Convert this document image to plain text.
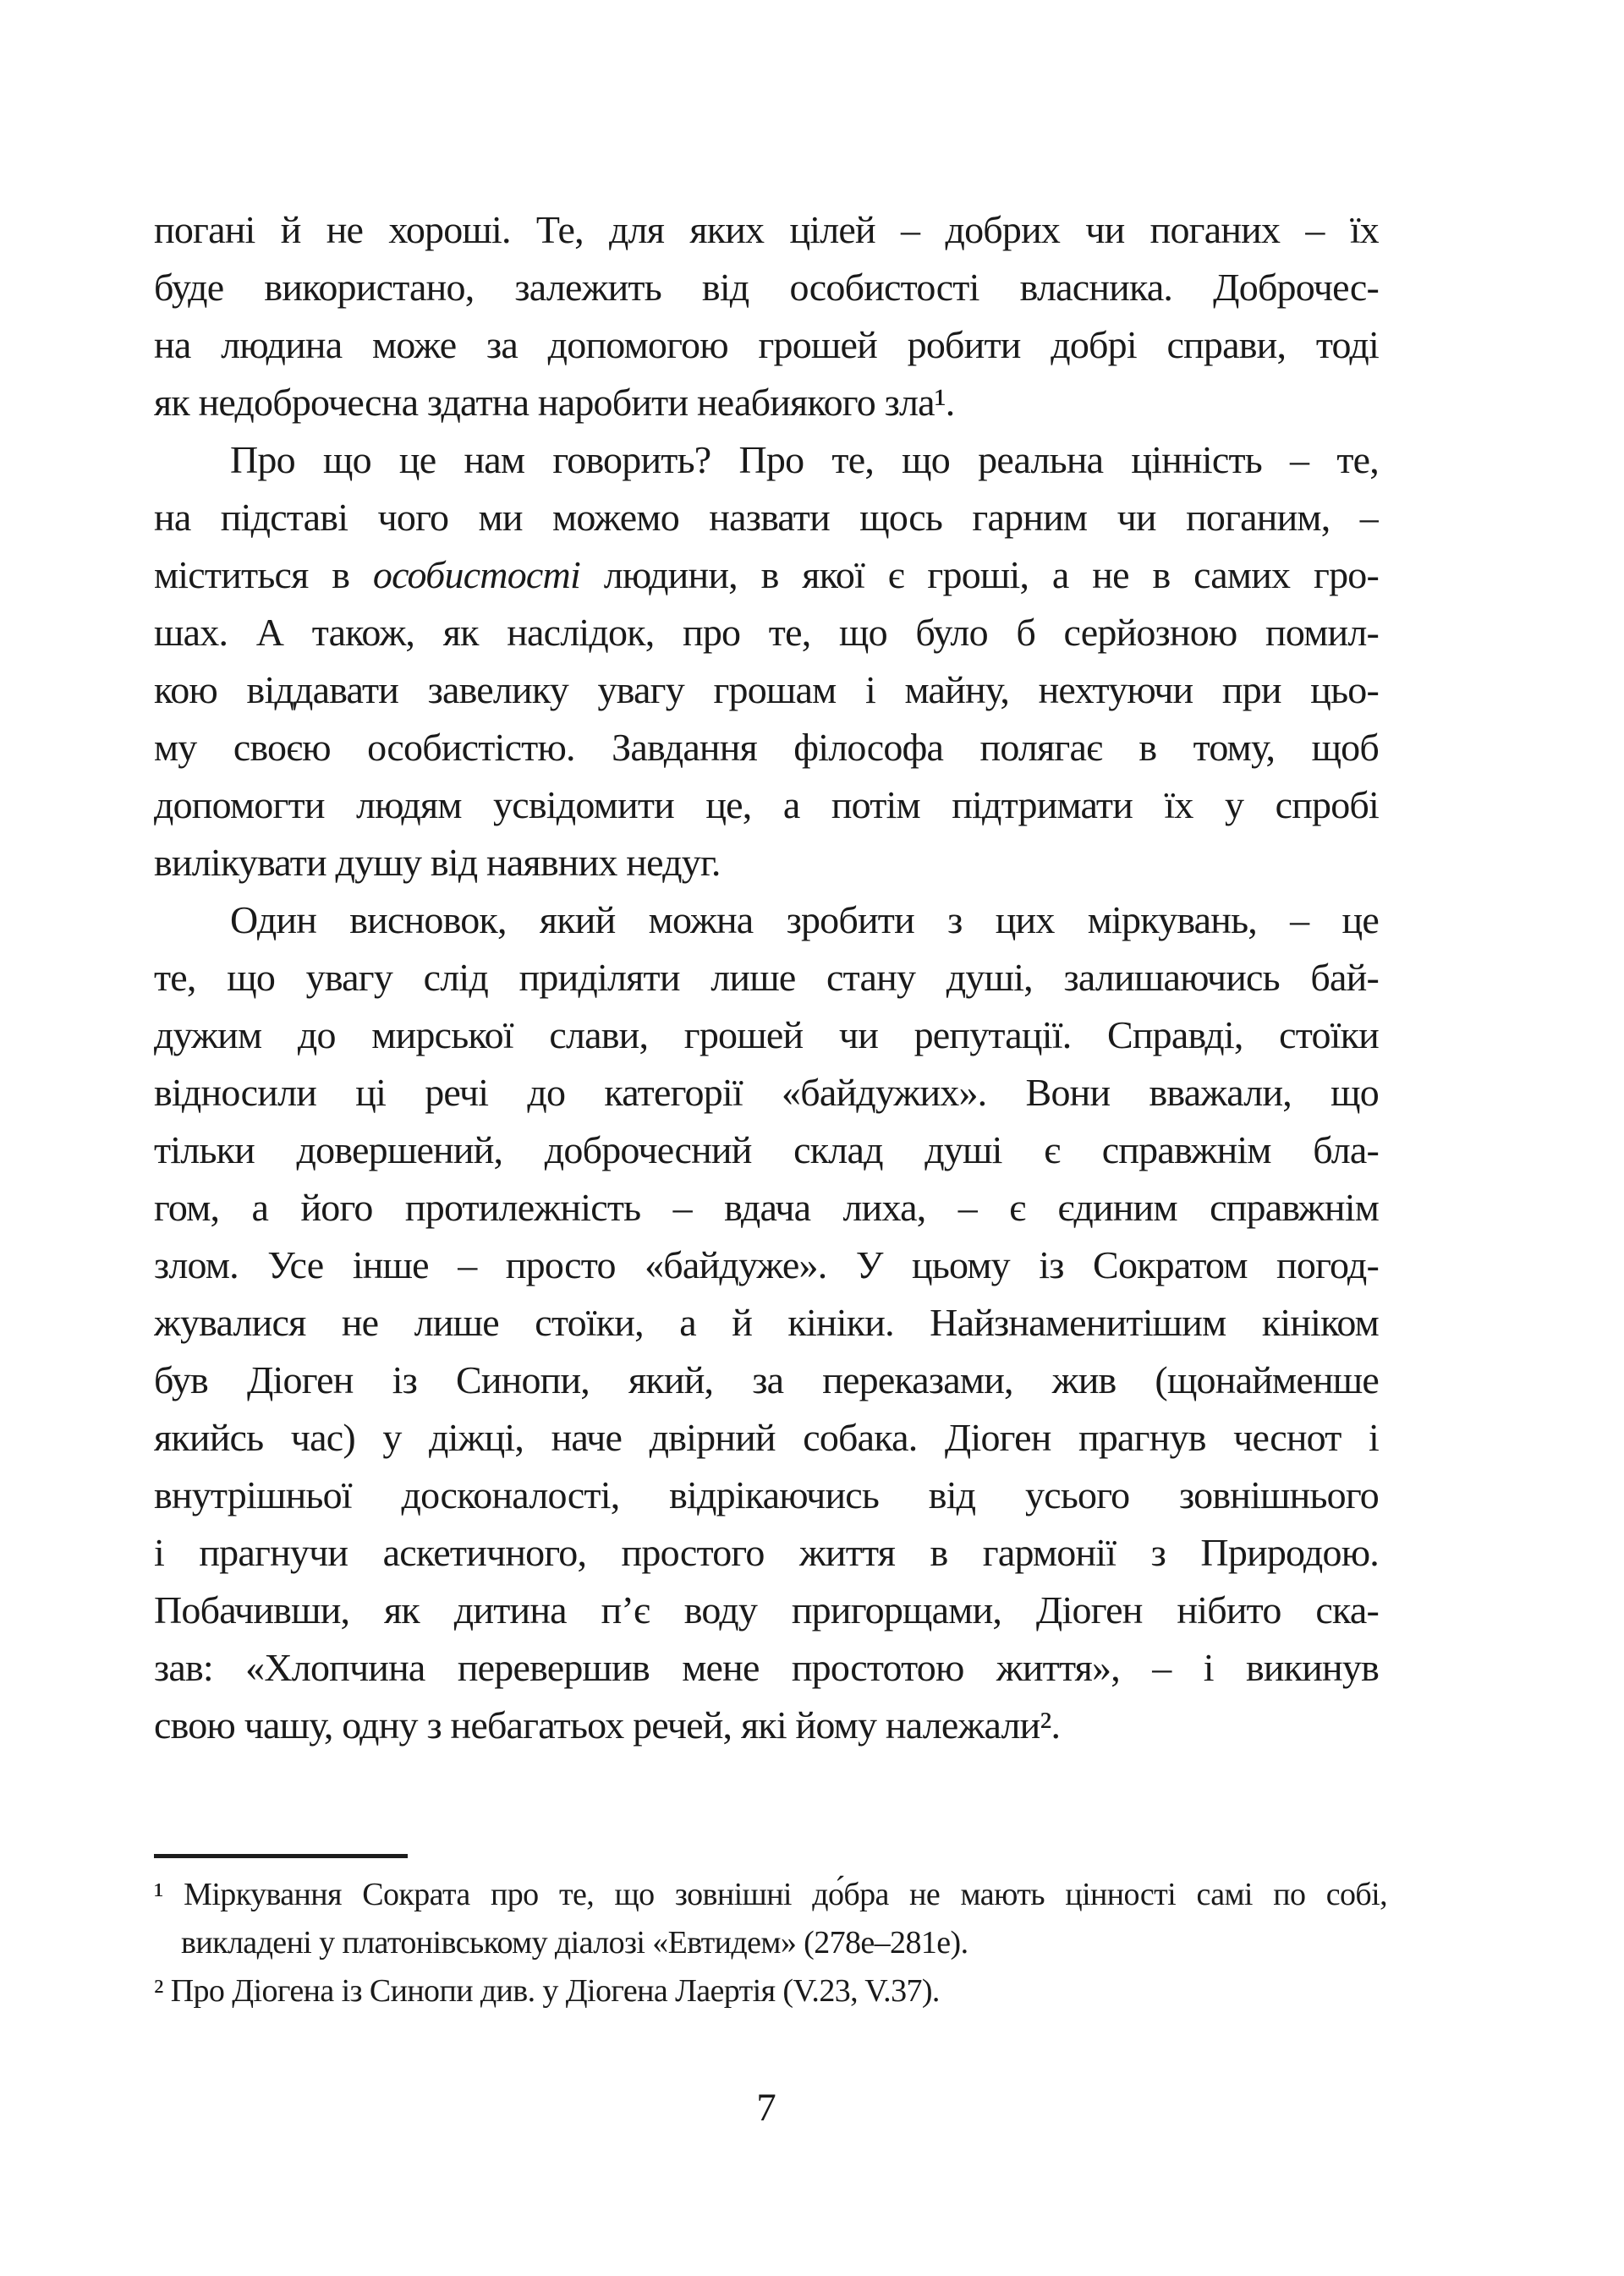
погані й не хороші. Те, для яких цілей – добрих чи поганих – їх
буде використано, залежить від особистості власника. Доброчес-
на людина може за допомогою грошей робити добрі справи, тоді
як недоброчесна здатна наробити неабиякого зла¹.
Про що це нам говорить? Про те, що реальна цінність – те,
на підставі чого ми можемо назвати щось гарним чи поганим, –
міститься в особистості людини, в якої є гроші, а не в самих гро-
шах. А також, як наслідок, про те, що було б серйозною помил-
кою віддавати завелику увагу грошам і майну, нехтуючи при цьо-
му своєю особистістю. Завдання філософа полягає в тому, щоб
допомогти людям усвідомити це, а потім підтримати їх у спробі
вилікувати душу від наявних недуг.
Один висновок, який можна зробити з цих міркувань, – це
те, що увагу слід приділяти лише стану душі, залишаючись бай-
дужим до мирської слави, грошей чи репутації. Справді, стоїки
відносили ці речі до категорії «байдужих». Вони вважали, що
тільки довершений, доброчесний склад душі є справжнім бла-
гом, а його протилежність – вдача лиха, – є єдиним справжнім
злом. Усе інше – просто «байдуже». У цьому із Сократом погод-
жувалися не лише стоїки, а й кініки. Найзнаменитішим кініком
був Діоген із Синопи, який, за переказами, жив (щонайменше
якийсь час) у діжці, наче двірний собака. Діоген прагнув чеснот і
внутрішньої досконалості, відрікаючись від усього зовнішнього
і прагнучи аскетичного, простого життя в гармонії з Природою.
Побачивши, як дитина п’є воду пригорщами, Діоген нібито ска-
зав: «Хлопчина перевершив мене простотою життя», – і викинув
свою чашу, одну з небагатьох речей, які йому належали².
¹ Міркування Сократа про те, що зовнішні до́бра не мають цінності самі по собі,
викладені у платонівському діалозі «Евтидем» (278e–281e).
² Про Діогена із Синопи див. у Діогена Лаертія (V.23, V.37).
7
